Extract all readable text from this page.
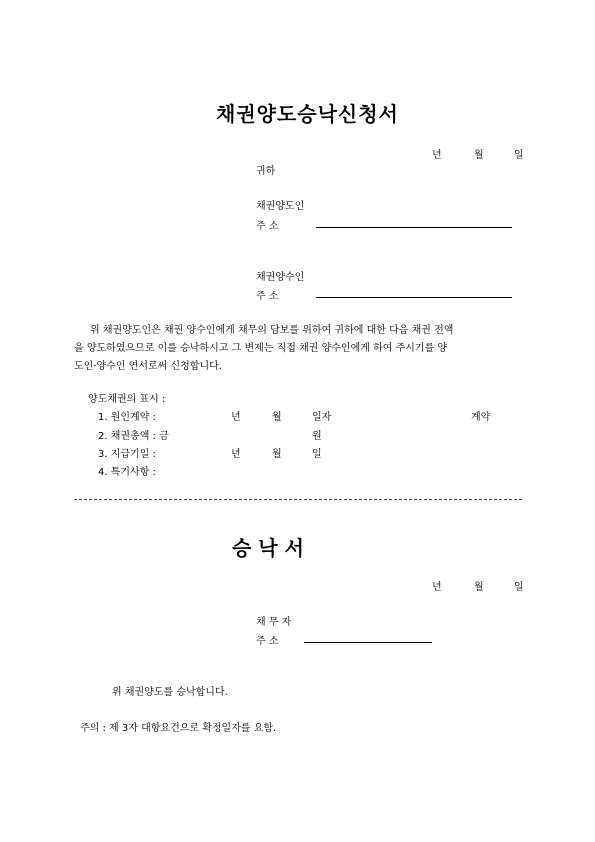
채권양도승낙신청서
년	월	일
귀하
채권양도인
주 소
채권양수인
주 소
위 채권양도인은 채권 양수인에게 채무의 담보를 위하여 귀하에 대한 다음 채권 전액
을 양도하였으므로 이를 승낙하시고 그 변제는 직접 채권 양수인에게 하여 주시기를 양
도인·양수인 연서로써 신청합니다.
양도채권의 표시 :
1. 원인계약 :	년	월	일자	계약
2. 채권총액 : 금	원
3. 지급기일 :	년	월	일
4. 특기사항 :
승 낙 서
년	월	일
채 무 자
주 소
위 채권양도를 승낙합니다.
주의 : 제 3자 대항요건으로 확정일자를 요함.
